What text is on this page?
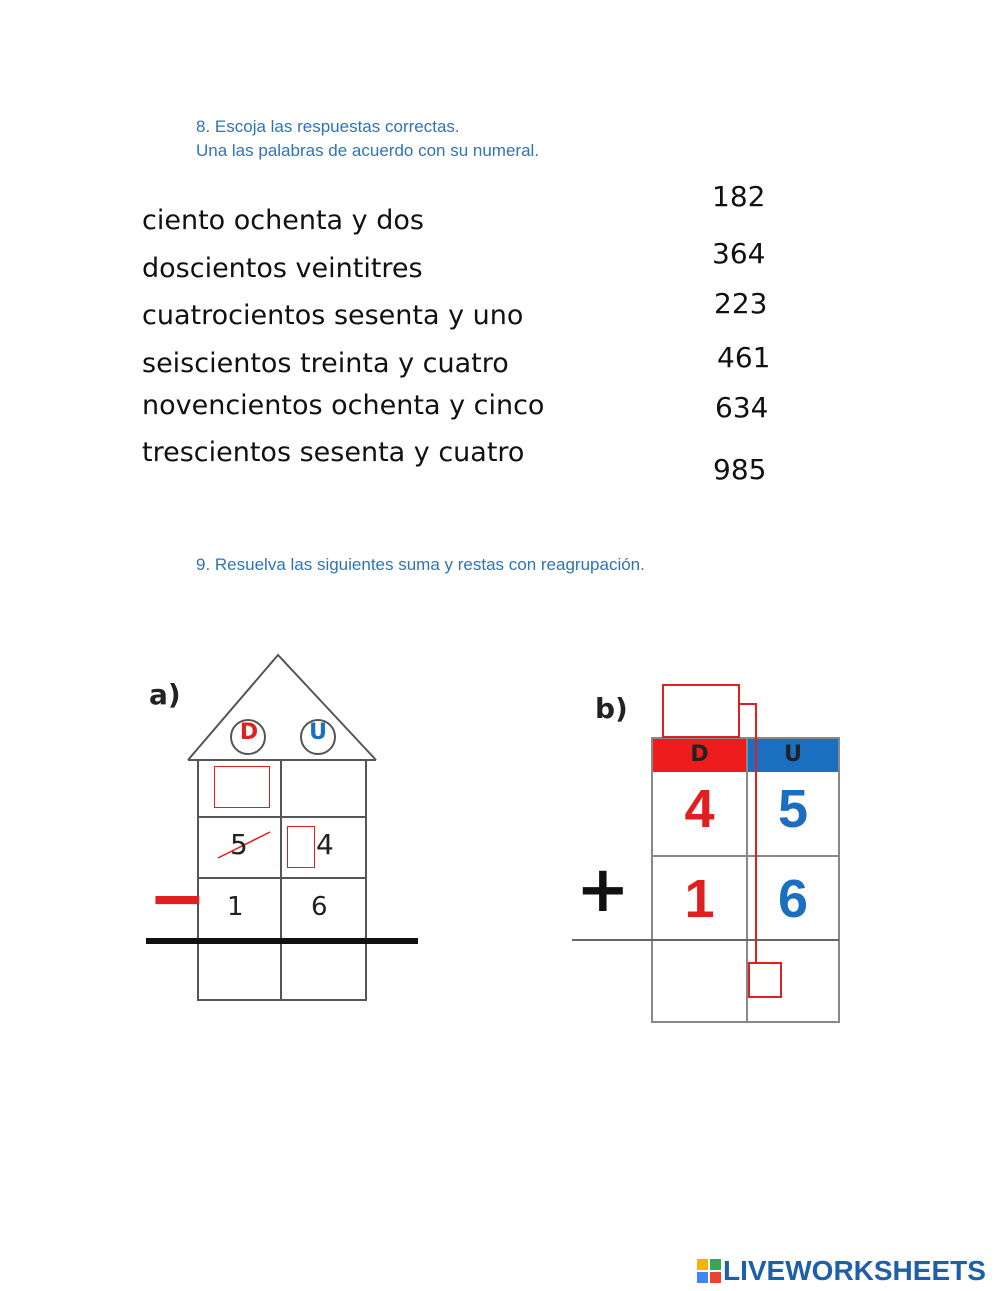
8. Escoja las respuestas correctas.
Una las palabras de acuerdo con su numeral.
ciento ochenta y dos
doscientos veintitres
cuatrocientos sesenta y uno
seiscientos treinta y cuatro
novencientos ochenta y cinco
trescientos sesenta y cuatro
182
364
223
461
634
985
9. Resuelva las siguientes suma y restas con reagrupación.
a)
D U
5 4
1	6
−
b)
D	U
4	5
1	6
+
LIVEWORKSHEETS
